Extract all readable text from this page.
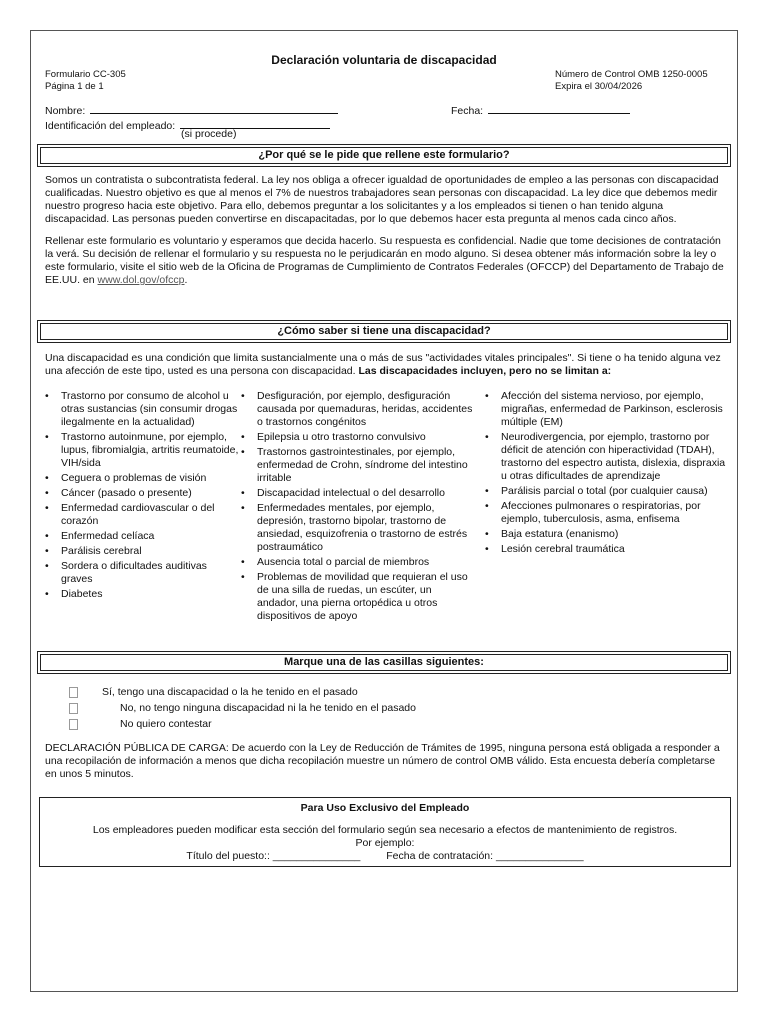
Declaración voluntaria de discapacidad
Formulario CC-305
Página 1 de 1
Número de Control OMB 1250-0005
Expira el 30/04/2026
Nombre:	Fecha:
Identificación del empleado:
(si procede)
¿Por qué se le pide que rellene este formulario?

Somos un contratista o subcontratista federal. La ley nos obliga a ofrecer igualdad de oportunidades de empleo a las personas con discapacidad cualificadas. Nuestro objetivo es que al menos el 7% de nuestros trabajadores sean personas con discapacidad. La ley dice que debemos medir nuestro progreso hacia este objetivo. Para ello, debemos preguntar a los solicitantes y a los empleados si tienen o han tenido alguna discapacidad. Las personas pueden convertirse en discapacitadas, por lo que debemos hacer esta pregunta al menos cada cinco años.

Rellenar este formulario es voluntario y esperamos que decida hacerlo. Su respuesta es confidencial. Nadie que tome decisiones de contratación la verá. Su decisión de rellenar el formulario y su respuesta no le perjudicarán en modo alguno. Si desea obtener más información sobre la ley o este formulario, visite el sitio web de la Oficina de Programas de Cumplimiento de Contratos Federales (OFCCP) del Departamento de Trabajo de EE.UU. en www.dol.gov/ofccp.

¿Cómo saber si tiene una discapacidad?
Una discapacidad es una condición que limita sustancialmente una o más de sus "actividades vitales principales". Si tiene o ha tenido alguna vez una afección de este tipo, usted es una persona con discapacidad. Las discapacidades incluyen, pero no se limitan a:
• Trastorno por consumo de alcohol u otras sustancias (sin consumir drogas ilegalmente en la actualidad)
• Trastorno autoinmune, por ejemplo, lupus, fibromialgia, artritis reumatoide, VIH/sida
• Ceguera o problemas de visión
• Cáncer (pasado o presente)
• Enfermedad cardiovascular o del corazón
• Enfermedad celíaca
• Parálisis cerebral
• Sordera o dificultades auditivas graves
• Diabetes
• Desfiguración, por ejemplo, desfiguración causada por quemaduras, heridas, accidentes o trastornos congénitos
• Epilepsia u otro trastorno convulsivo
• Trastornos gastrointestinales, por ejemplo, enfermedad de Crohn, síndrome del intestino irritable
• Discapacidad intelectual o del desarrollo
• Enfermedades mentales, por ejemplo, depresión, trastorno bipolar, trastorno de ansiedad, esquizofrenia o trastorno de estrés postraumático
• Ausencia total o parcial de miembros
• Problemas de movilidad que requieran el uso de una silla de ruedas, un escúter, un andador, una pierna ortopédica u otros dispositivos de apoyo
• Afección del sistema nervioso, por ejemplo, migrañas, enfermedad de Parkinson, esclerosis múltiple (EM)
• Neurodivergencia, por ejemplo, trastorno por déficit de atención con hiperactividad (TDAH), trastorno del espectro autista, dislexia, dispraxia u otras dificultades de aprendizaje
• Parálisis parcial o total (por cualquier causa)
• Afecciones pulmonares o respiratorias, por ejemplo, tuberculosis, asma, enfisema
• Baja estatura (enanismo)
• Lesión cerebral traumática
Marque una de las casillas siguientes:
Sí, tengo una discapacidad o la he tenido en el pasado
No, no tengo ninguna discapacidad ni la he tenido en el pasado
No quiero contestar
DECLARACIÓN PÚBLICA DE CARGA: De acuerdo con la Ley de Reducción de Trámites de 1995, ninguna persona está obligada a responder a una recopilación de información a menos que dicha recopilación muestre un número de control OMB válido. Esta encuesta debería completarse en unos 5 minutos.
Para Uso Exclusivo del Empleado
Los empleadores pueden modificar esta sección del formulario según sea necesario a efectos de mantenimiento de registros.
Por ejemplo:
Título del puesto:: _______________ Fecha de contratación: _______________
